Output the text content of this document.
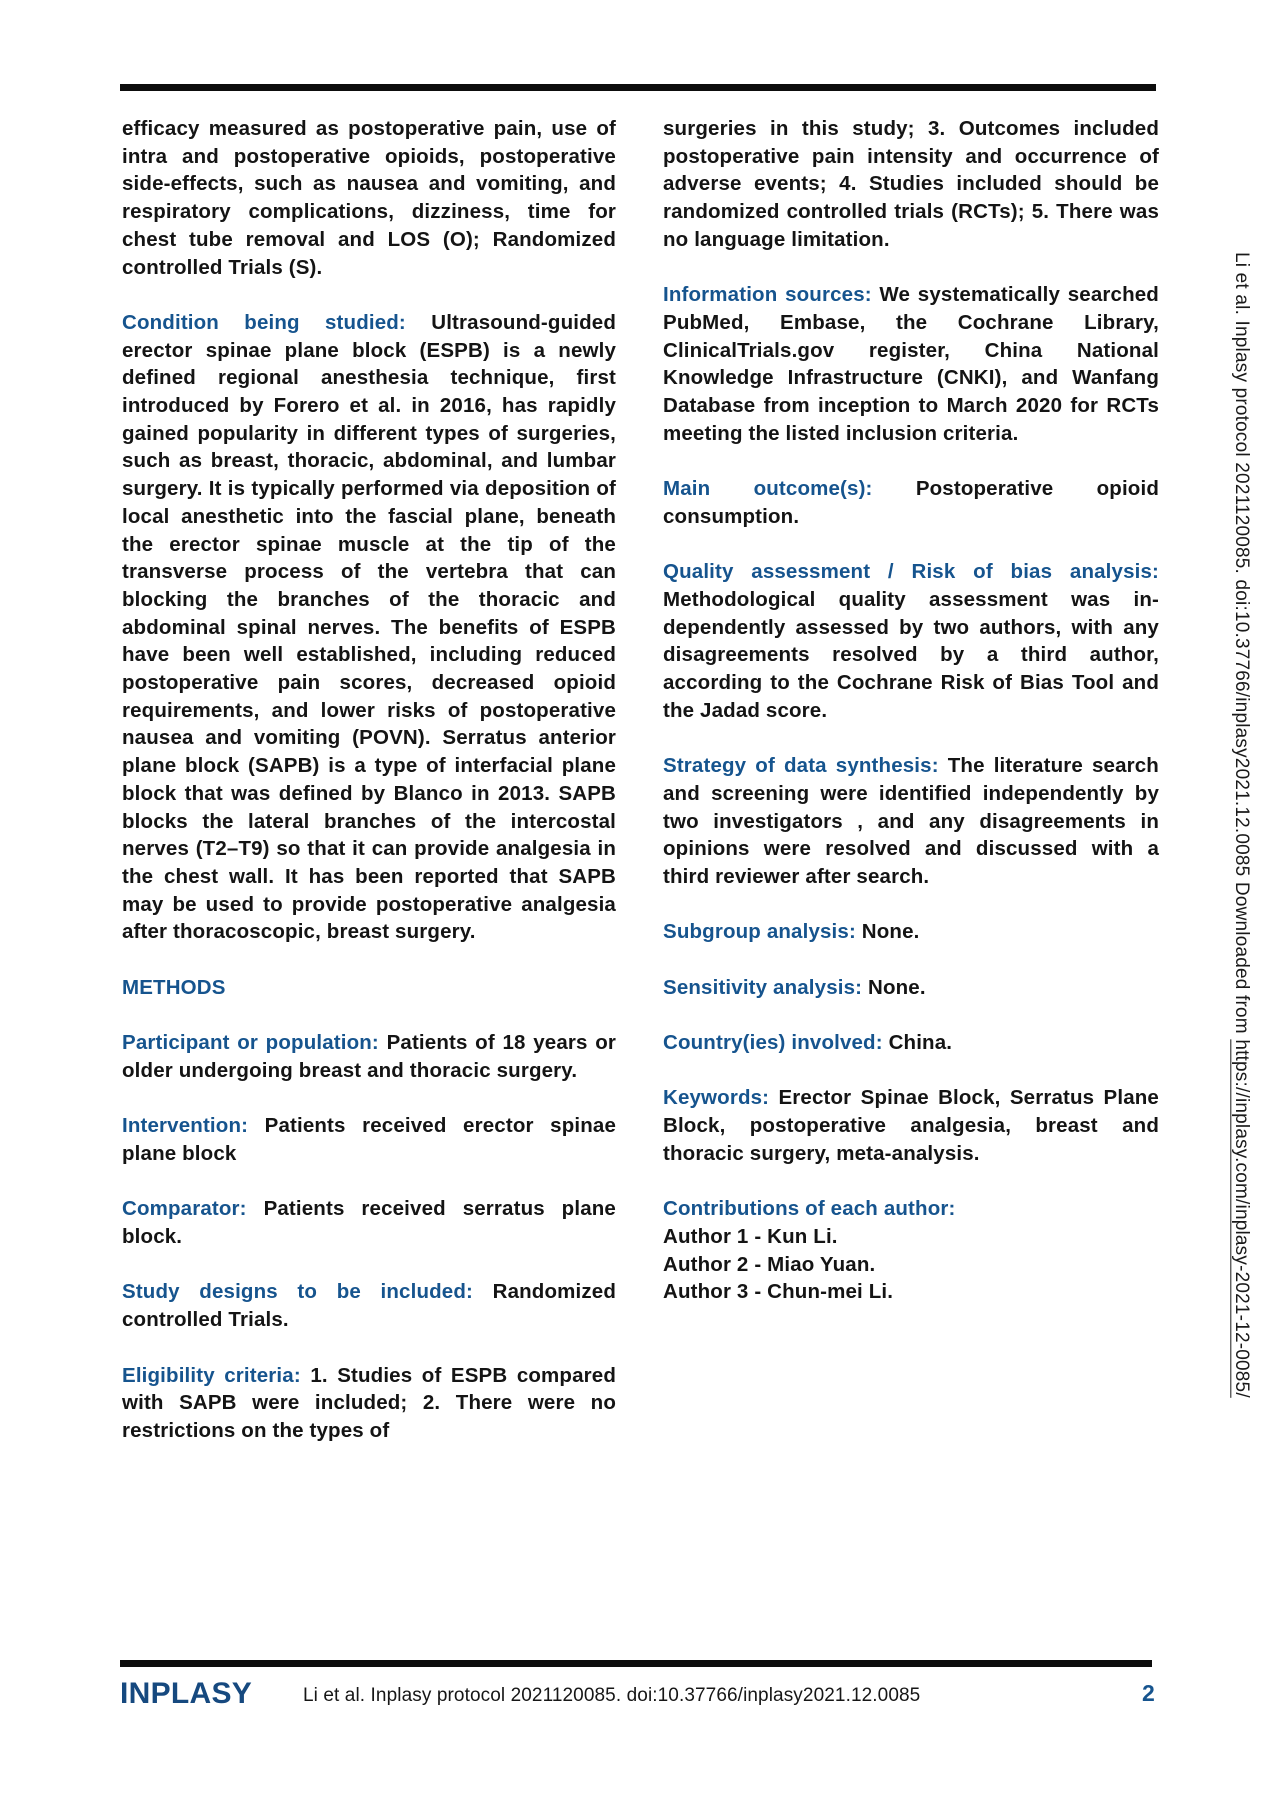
efficacy measured as postoperative pain, use of intra and postoperative opioids, postoperative side-effects, such as nausea and vomiting, and respiratory complications, dizziness, time for chest tube removal and LOS (O); Randomized controlled Trials (S).
Condition being studied: Ultrasound-guided erector spinae plane block (ESPB) is a newly defined regional anesthesia technique, first introduced by Forero et al. in 2016, has rapidly gained popularity in different types of surgeries, such as breast, thoracic, abdominal, and lumbar surgery. It is typically performed via deposition of local anesthetic into the fascial plane, beneath the erector spinae muscle at the tip of the transverse process of the vertebra that can blocking the branches of the thoracic and abdominal spinal nerves. The benefits of ESPB have been well established, including reduced postoperative pain scores, decreased opioid requirements, and lower risks of postoperative nausea and vomiting (POVN). Serratus anterior plane block (SAPB) is a type of interfacial plane block that was defined by Blanco in 2013. SAPB blocks the lateral branches of the intercostal nerves (T2–T9) so that it can provide analgesia in the chest wall. It has been reported that SAPB may be used to provide postoperative analgesia after thoracoscopic, breast surgery.
METHODS
Participant or population: Patients of 18 years or older undergoing breast and thoracic surgery.
Intervention: Patients received erector spinae plane block
Comparator: Patients received serratus plane block.
Study designs to be included: Randomized controlled Trials.
Eligibility criteria: 1. Studies of ESPB compared with SAPB were included; 2. There were no restrictions on the types of
surgeries in this study; 3. Outcomes included postoperative pain intensity and occurrence of adverse events; 4. Studies included should be randomized controlled trials (RCTs); 5. There was no language limitation.
Information sources: We systematically searched PubMed, Embase, the Cochrane Library, ClinicalTrials.gov register, China National Knowledge Infrastructure (CNKI), and Wanfang Database from inception to March 2020 for RCTs meeting the listed inclusion criteria.
Main outcome(s): Postoperative opioid consumption.
Quality assessment / Risk of bias analysis: Methodological quality assessment was in-dependently assessed by two authors, with any disagreements resolved by a third author, according to the Cochrane Risk of Bias Tool and the Jadad score.
Strategy of data synthesis: The literature search and screening were identified independently by two investigators , and any disagreements in opinions were resolved and discussed with a third reviewer after search.
Subgroup analysis: None.
Sensitivity analysis: None.
Country(ies) involved: China.
Keywords: Erector Spinae Block, Serratus Plane Block, postoperative analgesia, breast and thoracic surgery, meta-analysis.
Contributions of each author:
Author 1 - Kun Li.
Author 2 - Miao Yuan.
Author 3 - Chun-mei Li.
Li et al. Inplasy protocol 2021120085. doi:10.37766/inplasy2021.12.0085 Downloaded from https://inplasy.com/inplasy-2021-12-0085/
INPLASY	Li et al. Inplasy protocol 2021120085. doi:10.37766/inplasy2021.12.0085	2
